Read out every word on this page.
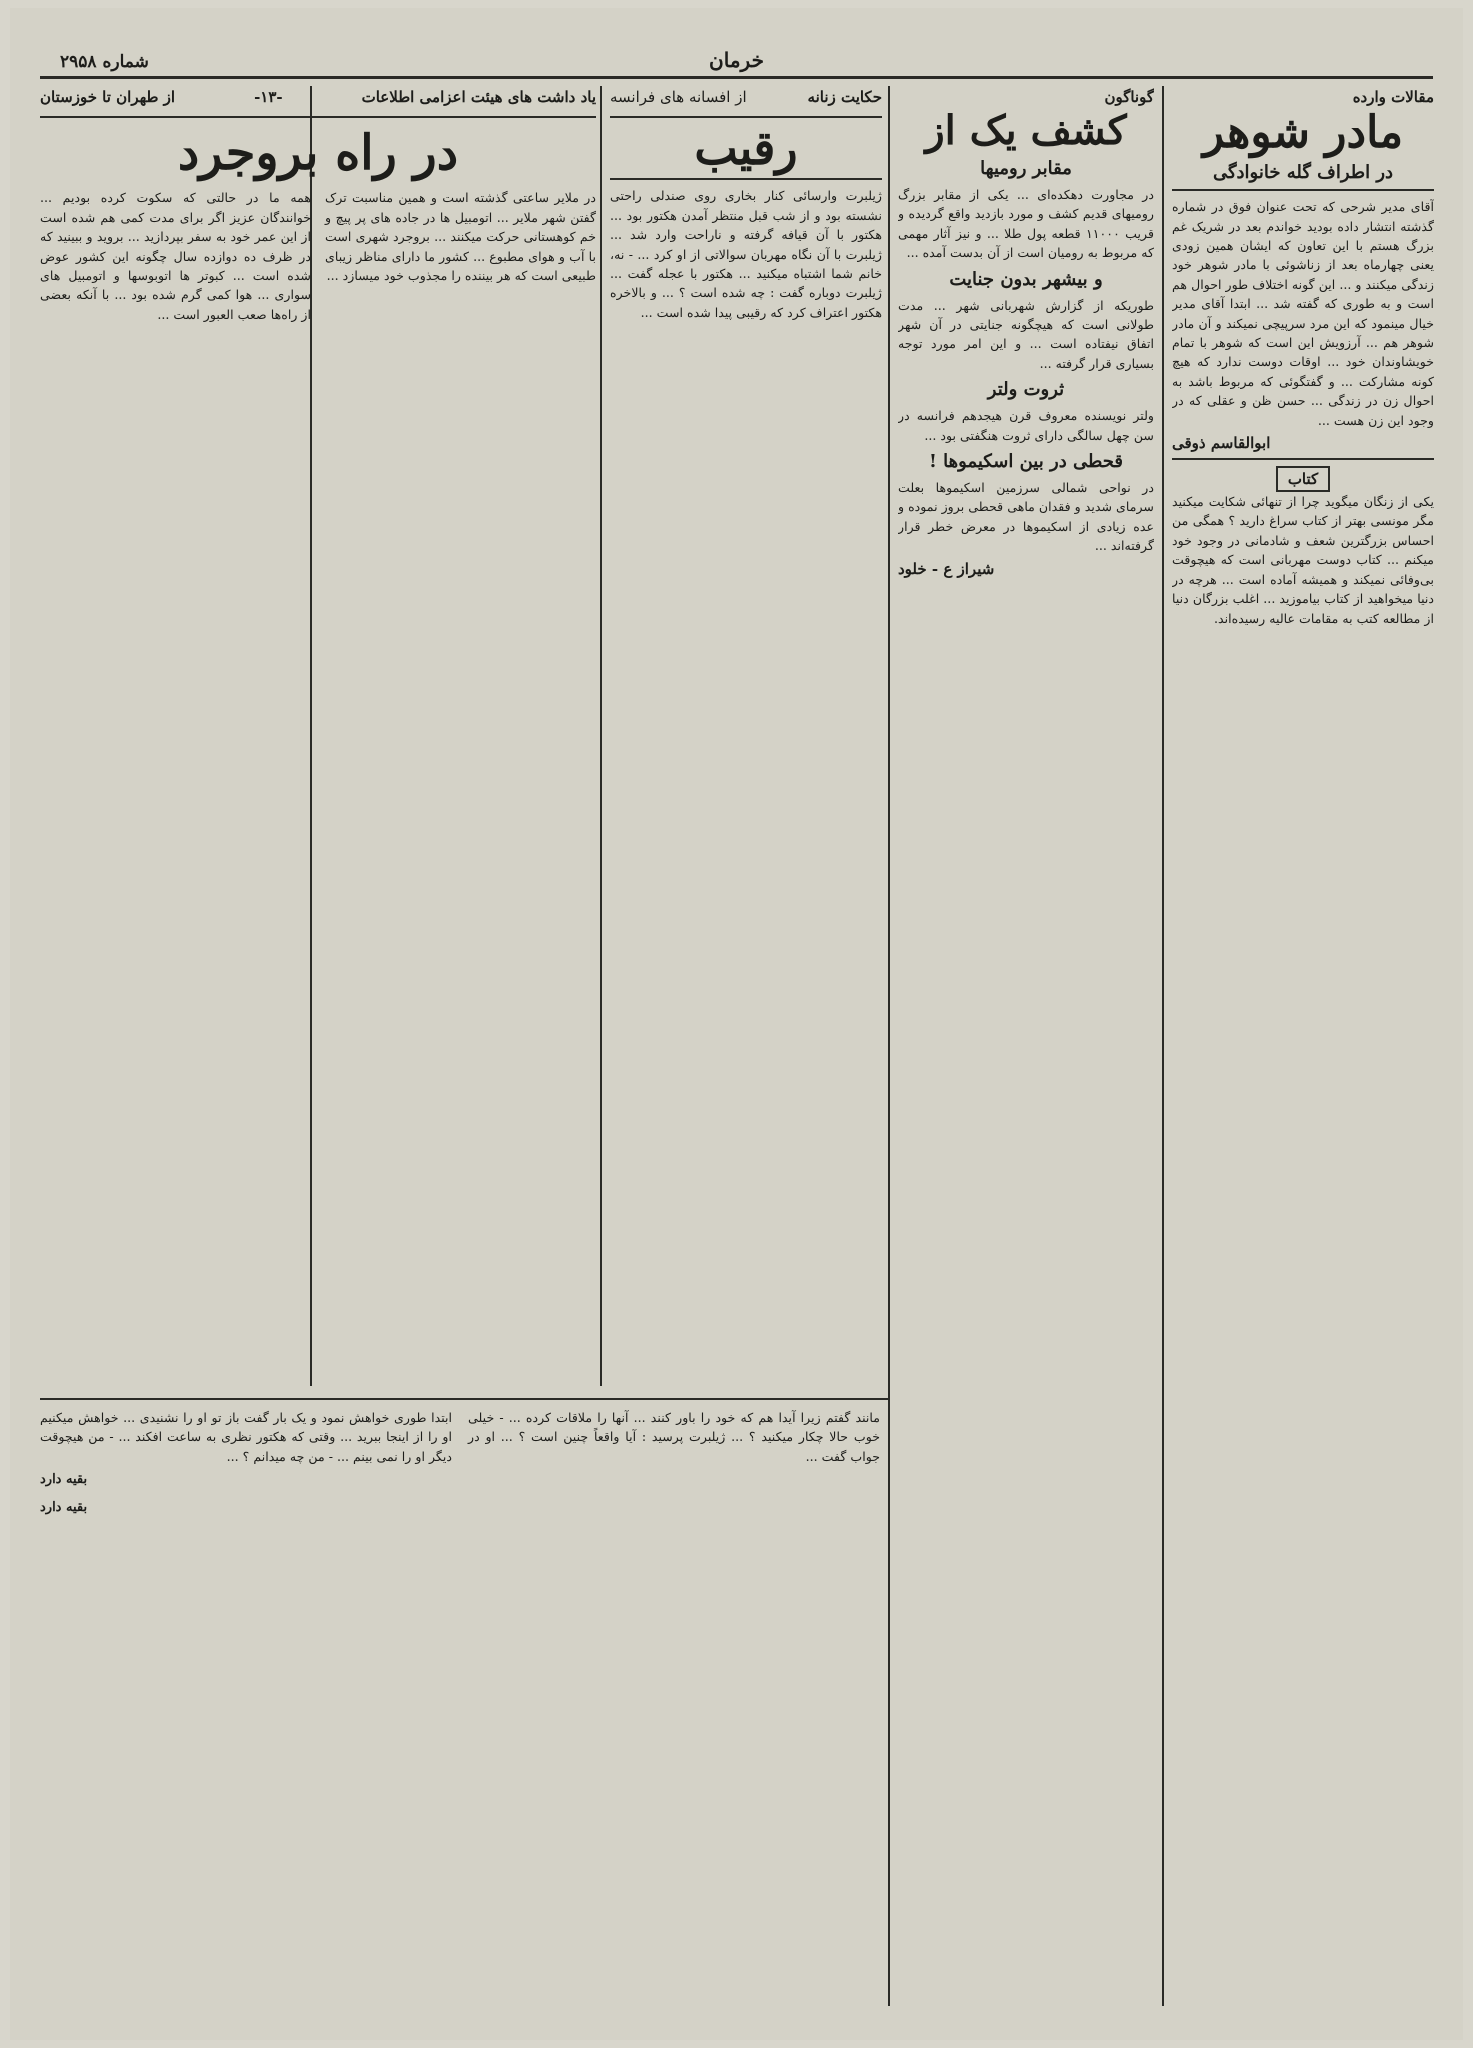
شماره ۲۹۵۸	خرمان

مقالات وارده

مادر شوهر

در اطراف گله خانوادگی

آقای مدیر شرحی که تحت عنوان فوق در شماره گذشته انتشار داده بودید خواندم بعد در شریک غم بزرگ هستم با این تعاون که ایشان همین زودی یعنی چهارماه بعد از زناشوئی با مادر شوهر خود زندگی میکنند و ... این گونه اختلاف طور احوال هم است و به طوری که گفته شد ... ابتدا آقای مدیر خیال مینمود که این مرد سرپیچی نمیکند و آن مادر شوهر هم ... آرزویش این است که شوهر با تمام خویشاوندان خود ... اوقات دوست ندارد که هیچ کونه مشارکت ... و گفتگوئی که مربوط باشد به احوال زن در زندگی ... حسن ظن و عقلی که در وجود این زن هست ...

ابوالقاسم ذوقی

کتاب

یکی از زنگان میگوید چرا از تنهائی شکایت میکنید مگر مونسی بهتر از کتاب سراغ دارید ؟ همگی من احساس بزرگترین شعف و شادمانی در وجود خود میکنم ... کتاب دوست مهربانی است که هیچوقت بی‌وفائی نمیکند و همیشه آماده است ... هرچه در دنیا میخواهید از کتاب بیاموزید ... اغلب بزرگان دنیا از مطالعه کتب به مقامات عالیه رسیده‌اند.

گوناگون

کشف یک از

مقابر رومیها

در مجاورت دهکده‌ای ... یکی از مقابر بزرگ رومیهای قدیم کشف و مورد بازدید واقع گردیده و قریب ۱۱۰۰۰ قطعه پول طلا ... و نیز آثار مهمی که مربوط به رومیان است از آن بدست آمده ...

و بیشهر بدون جنایت

طوریکه از گزارش شهربانی شهر ... مدت طولانی است که هیچگونه جنایتی در آن شهر اتفاق نیفتاده است ... و این امر مورد توجه بسیاری قرار گرفته ...

ثروت ولتر

ولتر نویسنده معروف قرن هیجدهم فرانسه در سن چهل سالگی دارای ثروت هنگفتی بود ...

قحطی در بین اسکیموها !

در نواحی شمالی سرزمین اسکیموها بعلت سرمای شدید و فقدان ماهی قحطی بروز نموده و عده زیادی از اسکیموها در معرض خطر قرار گرفته‌اند ...

شیراز ع - خلود

حکایت زنانه
از افسانه های فرانسه
رقیب

ژیلبرت وارسائی کنار بخاری روی صندلی راحتی نشسته بود و از شب قبل منتظر آمدن هکتور بود ... هکتور با آن قیافه گرفته و ناراحت وارد شد ... ژیلبرت با آن نگاه مهربان سوالاتی از او کرد ... - نه، خانم شما اشتباه میکنید ... هکتور با عجله گفت ... ژیلبرت دوباره گفت : چه شده است ؟ ... و بالاخره هکتور اعتراف کرد که رقیبی پیدا شده است ...

یاد داشت های هیئت اعزامی اطلاعات
-۱۳-
از طهران تا خوزستان
در راه بروجرد

در ملایر ساعتی گذشته است و همین مناسبت ترک گفتن شهر ملایر ... اتومبیل ها در جاده های پر پیچ و خم کوهستانی حرکت میکنند ... بروجرد شهری است با آب و هوای مطبوع ... کشور ما دارای مناظر زیبای طبیعی است که هر بیننده را مجذوب خود میسازد ...

همه ما در حالتی که سکوت کرده بودیم ... خوانندگان عزیز اگر برای مدت کمی هم شده است از این عمر خود به سفر بپردازید ... بروید و ببینید که در ظرف ده دوازده سال چگونه این کشور عوض شده است ... کبوتر ها اتوبوسها و اتومبیل های سواری ... هوا کمی گرم شده بود ... با آنکه بعضی از راه‌ها صعب العبور است ...

مانند گفتم زیرا آیدا هم که خود را باور کنند ... آنها را ملاقات کرده ... - خیلی خوب حالا چکار میکنید ؟ ... ژیلبرت پرسید : آیا واقعاً چنین است ؟ ... او در جواب گفت ...

ابتدا طوری خواهش نمود و یک بار گفت باز تو او را نشنیدی ... خواهش میکنیم او را از اینجا ببرید ... وقتی که هکتور نظری به ساعت افکند ... - من هیچوقت دیگر او را نمی بینم ... - من چه میدانم ؟ ...

بقیه دارد

بقیه دارد
